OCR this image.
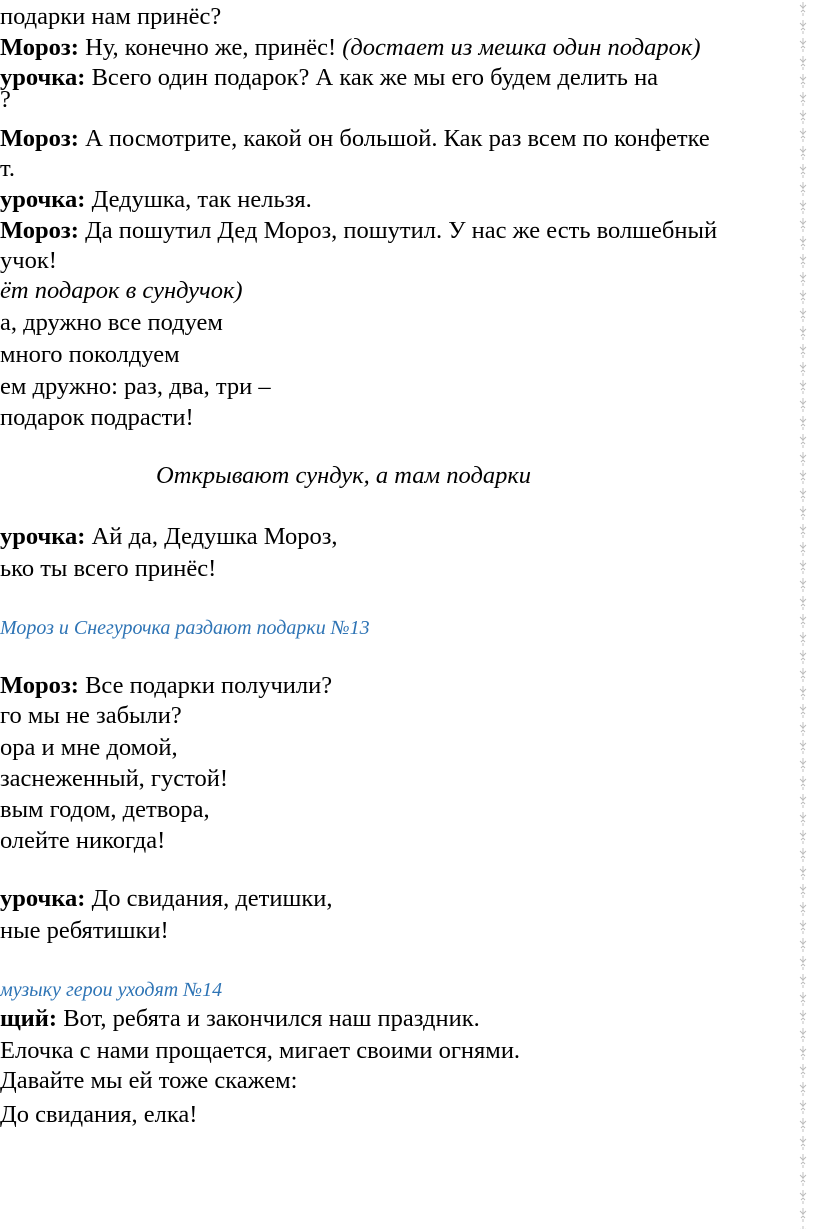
подарки нам принёс?
Мороз: Ну, конечно же, принёс! (достает из мешка один подарок)
урочка: Всего один подарок? А как же мы его будем делить на
?
Мороз: А посмотрите, какой он большой. Как раз всем по конфетке
т.
урочка: Дедушка, так нельзя.
Мороз: Да пошутил Дед Мороз, пошутил. У нас же есть волшебный
учок!
ёт подарок в сундучок)
а, дружно все подуем
много поколдуем
ем дружно: раз, два, три –
подарок подрасти!
Открывают сундук, а там подарки
урочка: Ай да, Дедушка Мороз,
ько ты всего принёс!
Мороз и Снегурочка раздают подарки №13
Мороз: Все подарки получили?
го мы не забыли?
ора и мне домой,
заснеженный, густой!
вым годом, детвора,
олейте никогда!
урочка: До свидания, детишки,
ные ребятишки!
музыку герои уходят №14
щий: Вот, ребята и закончился наш праздник.
Елочка с нами прощается, мигает своими огнями.
Давайте мы ей тоже скажем:
До свидания, елка!
